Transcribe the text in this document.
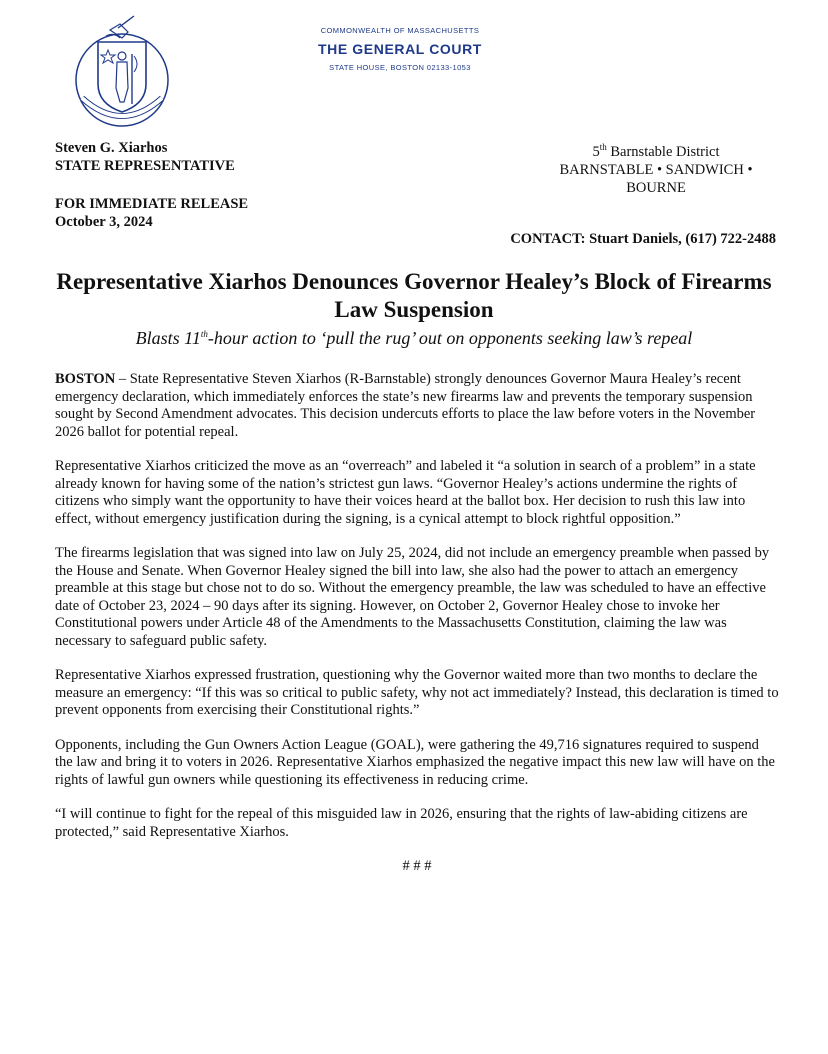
COMMONWEALTH OF MASSACHUSETTS
THE GENERAL COURT
STATE HOUSE, BOSTON 02133-1053
Steven G. Xiarhos
STATE REPRESENTATIVE
5th Barnstable District
BARNSTABLE • SANDWICH •
BOURNE
FOR IMMEDIATE RELEASE
October 3, 2024
CONTACT: Stuart Daniels, (617) 722-2488
Representative Xiarhos Denounces Governor Healey’s Block of Firearms Law Suspension
Blasts 11th-hour action to ‘pull the rug’ out on opponents seeking law’s repeal

BOSTON – State Representative Steven Xiarhos (R-Barnstable) strongly denounces Governor Maura Healey’s recent emergency declaration, which immediately enforces the state’s new firearms law and prevents the temporary suspension sought by Second Amendment advocates. This decision undercuts efforts to place the law before voters in the November 2026 ballot for potential repeal.

Representative Xiarhos criticized the move as an “overreach” and labeled it “a solution in search of a problem” in a state already known for having some of the nation’s strictest gun laws. “Governor Healey’s actions undermine the rights of citizens who simply want the opportunity to have their voices heard at the ballot box. Her decision to rush this law into effect, without emergency justification during the signing, is a cynical attempt to block rightful opposition.”

The firearms legislation that was signed into law on July 25, 2024, did not include an emergency preamble when passed by the House and Senate. When Governor Healey signed the bill into law, she also had the power to attach an emergency preamble at this stage but chose not to do so. Without the emergency preamble, the law was scheduled to have an effective date of October 23, 2024 – 90 days after its signing. However, on October 2, Governor Healey chose to invoke her Constitutional powers under Article 48 of the Amendments to the Massachusetts Constitution, claiming the law was necessary to safeguard public safety.

Representative Xiarhos expressed frustration, questioning why the Governor waited more than two months to declare the measure an emergency: “If this was so critical to public safety, why not act immediately? Instead, this declaration is timed to prevent opponents from exercising their Constitutional rights.”

Opponents, including the Gun Owners Action League (GOAL), were gathering the 49,716 signatures required to suspend the law and bring it to voters in 2026. Representative Xiarhos emphasized the negative impact this new law will have on the rights of lawful gun owners while questioning its effectiveness in reducing crime.

“I will continue to fight for the repeal of this misguided law in 2026, ensuring that the rights of law-abiding citizens are protected,” said Representative Xiarhos.

# # #
